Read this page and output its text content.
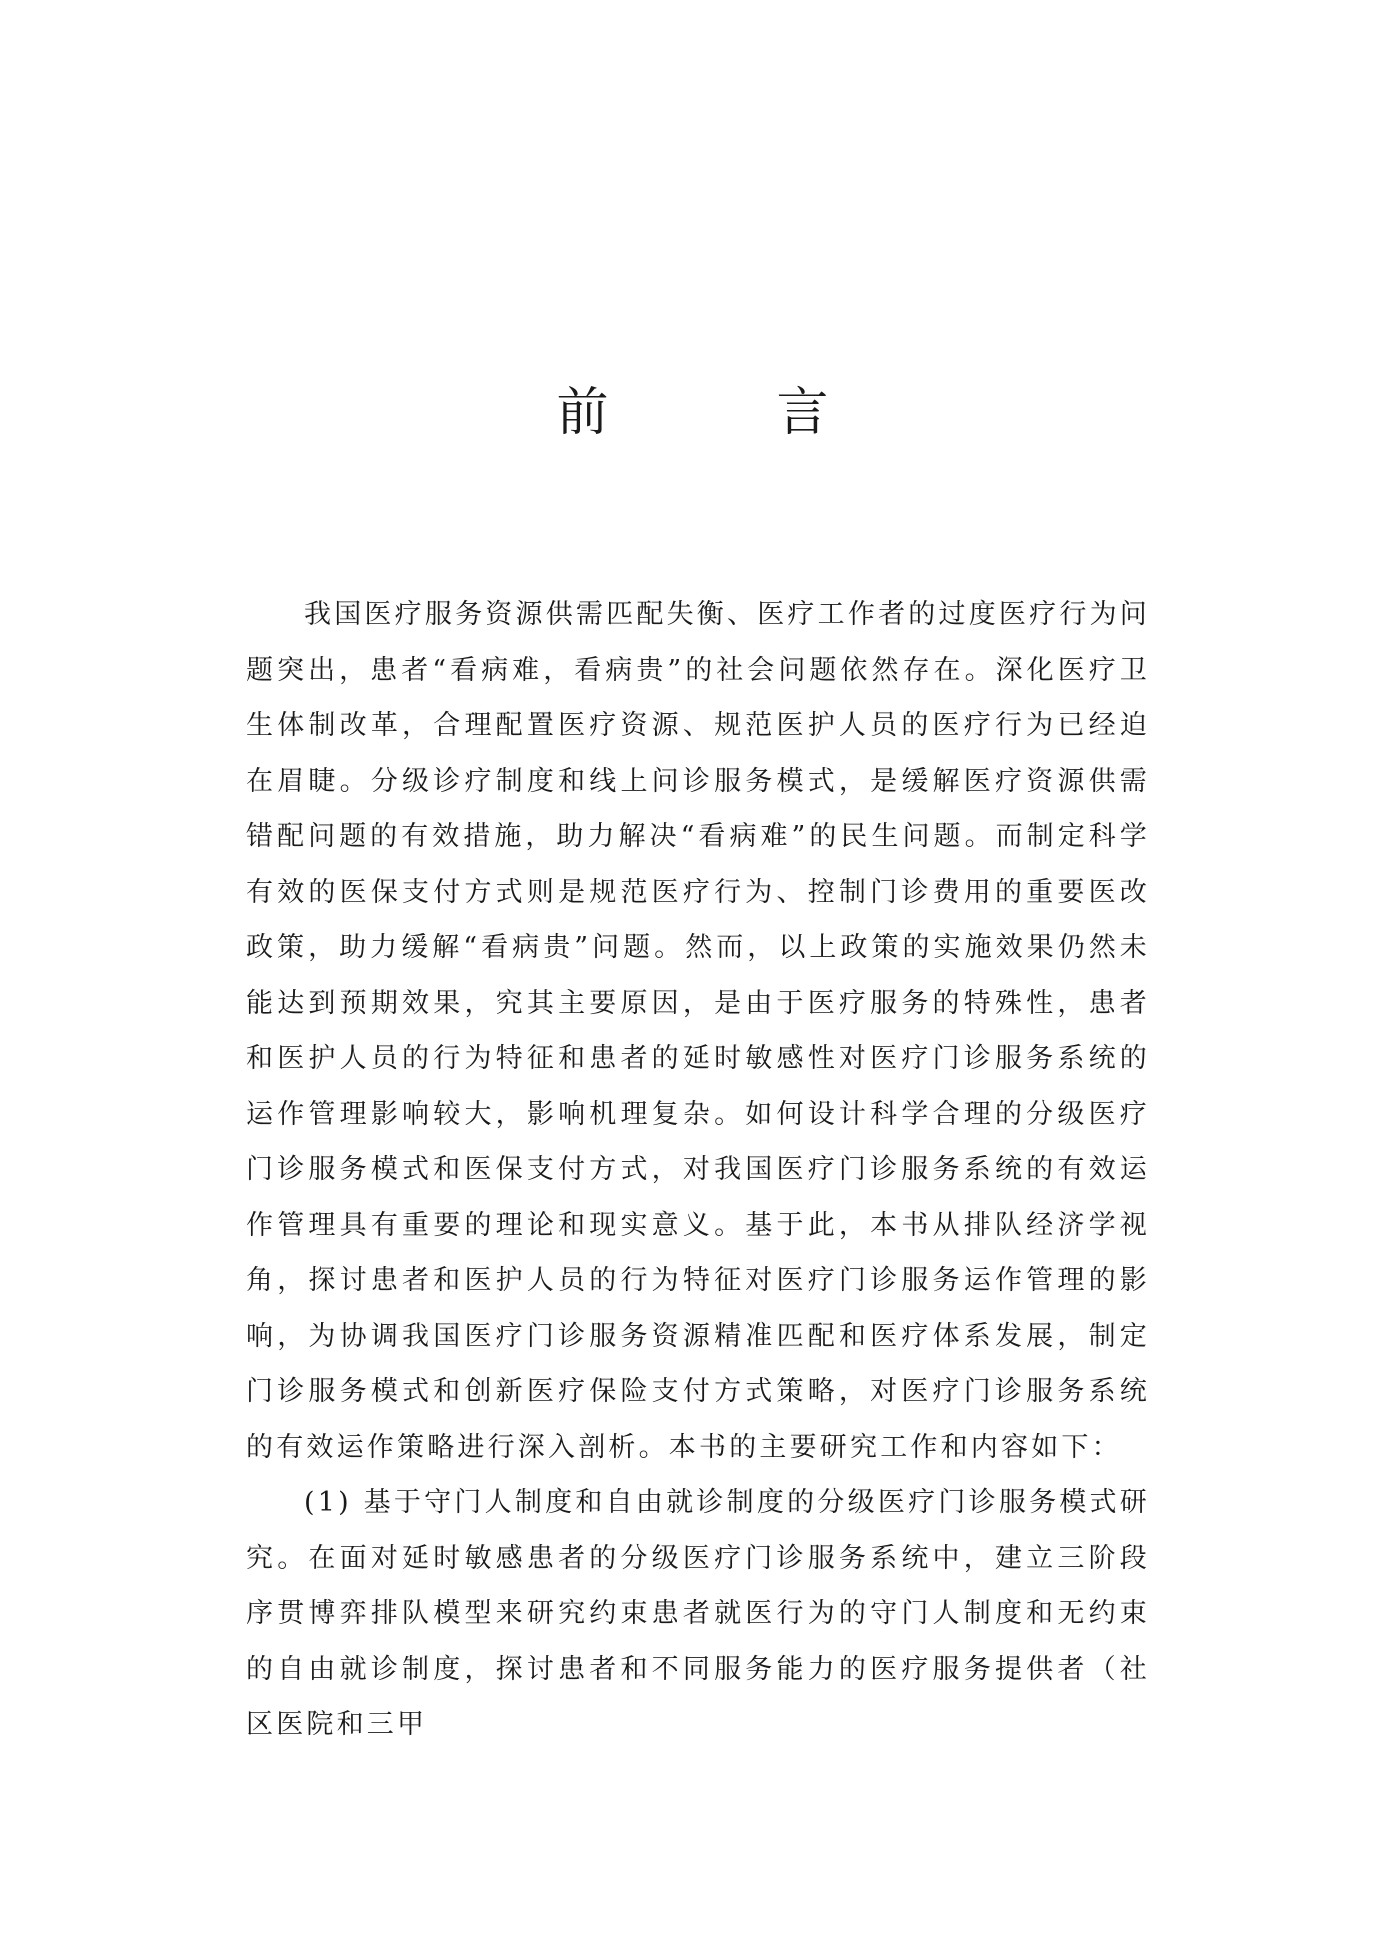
前　言

我国医疗服务资源供需匹配失衡、医疗工作者的过度医疗行为问题突出，患者“看病难，看病贵”的社会问题依然存在。深化医疗卫生体制改革，合理配置医疗资源、规范医护人员的医疗行为已经迫在眉睫。分级诊疗制度和线上问诊服务模式，是缓解医疗资源供需错配问题的有效措施，助力解决“看病难”的民生问题。而制定科学有效的医保支付方式则是规范医疗行为、控制门诊费用的重要医改政策，助力缓解“看病贵”问题。然而，以上政策的实施效果仍然未能达到预期效果，究其主要原因，是由于医疗服务的特殊性，患者和医护人员的行为特征和患者的延时敏感性对医疗门诊服务系统的运作管理影响较大，影响机理复杂。如何设计科学合理的分级医疗门诊服务模式和医保支付方式，对我国医疗门诊服务系统的有效运作管理具有重要的理论和现实意义。基于此，本书从排队经济学视角，探讨患者和医护人员的行为特征对医疗门诊服务运作管理的影响，为协调我国医疗门诊服务资源精准匹配和医疗体系发展，制定门诊服务模式和创新医疗保险支付方式策略，对医疗门诊服务系统的有效运作策略进行深入剖析。本书的主要研究工作和内容如下：

(1) 基于守门人制度和自由就诊制度的分级医疗门诊服务模式研究。在面对延时敏感患者的分级医疗门诊服务系统中，建立三阶段序贯博弈排队模型来研究约束患者就医行为的守门人制度和无约束的自由就诊制度，探讨患者和不同服务能力的医疗服务提供者（社区医院和三甲
